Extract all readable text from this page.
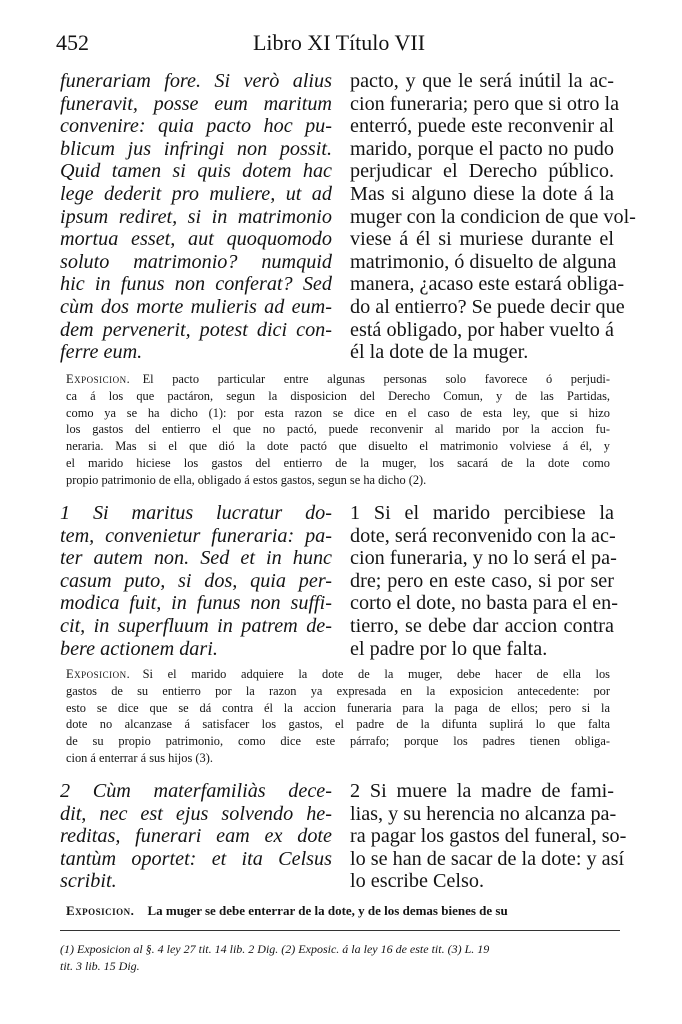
452	Libro XI Título VII
funerariam fore. Si verò alius
funeravit, posse eum maritum
convenire: quia pacto hoc pu-
blicum jus infringi non possit.
Quid tamen si quis dotem hac
lege dederit pro muliere, ut ad
ipsum rediret, si in matrimonio
mortua esset, aut quoquomodo
soluto matrimonio? numquid
hic in funus non conferat? Sed
cùm dos morte mulieris ad eum-
dem pervenerit, potest dici con-
ferre eum.
pacto, y que le será inútil la ac-
cion funeraria; pero que si otro la
enterró, puede este reconvenir al
marido, porque el pacto no pudo
perjudicar el Derecho público.
Mas si alguno diese la dote á la
muger con la condicion de que vol-
viese á él si muriese durante el
matrimonio, ó disuelto de alguna
manera, ¿acaso este estará obliga-
do al entierro? Se puede decir que
está obligado, por haber vuelto á
él la dote de la muger.
Exposicion.  El pacto particular entre algunas personas solo favorece ó perjudi-
ca á los que pactáron, segun la disposicion del Derecho Comun, y de las Partidas,
como ya se ha dicho (1): por esta razon se dice en el caso de esta ley, que si hizo
los gastos del entierro el que no pactó, puede reconvenir al marido por la accion fu-
neraria. Mas si el que dió la dote pactó que disuelto el matrimonio volviese á él, y
el marido hiciese los gastos del entierro de la muger, los sacará de la dote como
propio patrimonio de ella, obligado á estos gastos, segun se ha dicho (2).
1 Si maritus lucratur do-
tem, convenietur funeraria: pa-
ter autem non. Sed et in hunc
casum puto, si dos, quia per-
modica fuit, in funus non suffi-
cit, in superfluum in patrem de-
bere actionem dari.
1 Si el marido percibiese la
dote, será reconvenido con la ac-
cion funeraria, y no lo será el pa-
dre; pero en este caso, si por ser
corto el dote, no basta para el en-
tierro, se debe dar accion contra
el padre por lo que falta.
Exposicion.  Si el marido adquiere la dote de la muger, debe hacer de ella los
gastos de su entierro por la razon ya expresada en la exposicion antecedente: por
esto se dice que se dá contra él la accion funeraria para la paga de ellos; pero si la
dote no alcanzase á satisfacer los gastos, el padre de la difunta suplirá lo que falta
de su propio patrimonio, como dice este párrafo; porque los padres tienen obliga-
cion á enterrar á sus hijos (3).
2 Cùm materfamiliàs dece-
dit, nec est ejus solvendo he-
reditas, funerari eam ex dote
tantùm oportet: et ita Celsus
scribit.
2 Si muere la madre de fami-
lias, y su herencia no alcanza pa-
ra pagar los gastos del funeral, so-
lo se han de sacar de la dote: y así
lo escribe Celso.
Exposicion.  La muger se debe enterrar de la dote, y de los demas bienes de su
(1) Exposicion al §. 4 ley 27 tit. 14 lib. 2 Dig. (2) Exposic. á la ley 16 de este tit. (3) L. 19
tit. 3 lib. 15 Dig.
